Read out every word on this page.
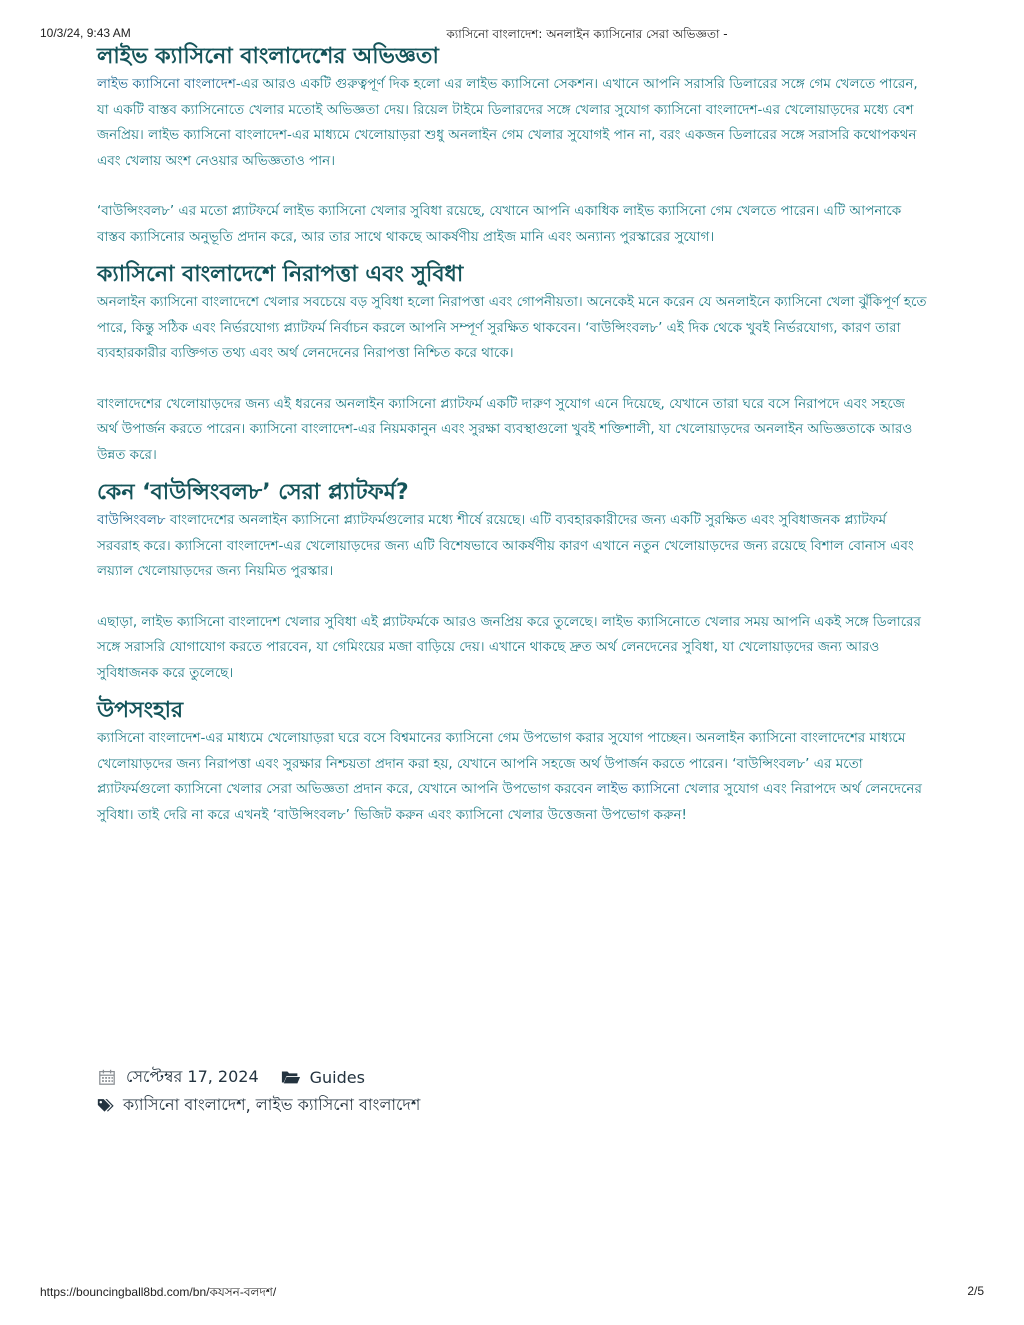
10/3/24, 9:43 AM	ক্যাসিনো বাংলাদেশ: অনলাইন ক্যাসিনোর সেরা অভিজ্ঞতা -
লাইভ ক্যাসিনো বাংলাদেশের অভিজ্ঞতা

লাইভ ক্যাসিনো বাংলাদেশ-এর আরও একটি গুরুত্বপূর্ণ দিক হলো এর লাইভ ক্যাসিনো সেকশন। এখানে আপনি সরাসরি ডিলারের সঙ্গে গেম খেলতে পারেন, যা একটি বাস্তব ক্যাসিনোতে খেলার মতোই অভিজ্ঞতা দেয়। রিয়েল টাইমে ডিলারদের সঙ্গে খেলার সুযোগ ক্যাসিনো বাংলাদেশ-এর খেলোয়াড়দের মধ্যে বেশ জনপ্রিয়। লাইভ ক্যাসিনো বাংলাদেশ-এর মাধ্যমে খেলোয়াড়রা শুধু অনলাইন গেম খেলার সুযোগই পান না, বরং একজন ডিলারের সঙ্গে সরাসরি কথোপকথন এবং খেলায় অংশ নেওয়ার অভিজ্ঞতাও পান।

‘বাউন্সিংবল৮’ এর মতো প্ল্যাটফর্মে লাইভ ক্যাসিনো খেলার সুবিধা রয়েছে, যেখানে আপনি একাধিক লাইভ ক্যাসিনো গেম খেলতে পারেন। এটি আপনাকে বাস্তব ক্যাসিনোর অনুভূতি প্রদান করে, আর তার সাথে থাকছে আকর্ষণীয় প্রাইজ মানি এবং অন্যান্য পুরস্কারের সুযোগ।

ক্যাসিনো বাংলাদেশে নিরাপত্তা এবং সুবিধা

অনলাইন ক্যাসিনো বাংলাদেশে খেলার সবচেয়ে বড় সুবিধা হলো নিরাপত্তা এবং গোপনীয়তা। অনেকেই মনে করেন যে অনলাইনে ক্যাসিনো খেলা ঝুঁকিপূর্ণ হতে পারে, কিন্তু সঠিক এবং নির্ভরযোগ্য প্ল্যাটফর্ম নির্বাচন করলে আপনি সম্পূর্ণ সুরক্ষিত থাকবেন। ‘বাউন্সিংবল৮’ এই দিক থেকে খুবই নির্ভরযোগ্য, কারণ তারা ব্যবহারকারীর ব্যক্তিগত তথ্য এবং অর্থ লেনদেনের নিরাপত্তা নিশ্চিত করে থাকে।

বাংলাদেশের খেলোয়াড়দের জন্য এই ধরনের অনলাইন ক্যাসিনো প্ল্যাটফর্ম একটি দারুণ সুযোগ এনে দিয়েছে, যেখানে তারা ঘরে বসে নিরাপদে এবং সহজে অর্থ উপার্জন করতে পারেন। ক্যাসিনো বাংলাদেশ-এর নিয়মকানুন এবং সুরক্ষা ব্যবস্থাগুলো খুবই শক্তিশালী, যা খেলোয়াড়দের অনলাইন অভিজ্ঞতাকে আরও উন্নত করে।

কেন ‘বাউন্সিংবল৮’ সেরা প্ল্যাটফর্ম?

বাউন্সিংবল৮ বাংলাদেশের অনলাইন ক্যাসিনো প্ল্যাটফর্মগুলোর মধ্যে শীর্ষে রয়েছে। এটি ব্যবহারকারীদের জন্য একটি সুরক্ষিত এবং সুবিধাজনক প্ল্যাটফর্ম সরবরাহ করে। ক্যাসিনো বাংলাদেশ-এর খেলোয়াড়দের জন্য এটি বিশেষভাবে আকর্ষণীয় কারণ এখানে নতুন খেলোয়াড়দের জন্য রয়েছে বিশাল বোনাস এবং লয়্যাল খেলোয়াড়দের জন্য নিয়মিত পুরস্কার।

এছাড়া, লাইভ ক্যাসিনো বাংলাদেশ খেলার সুবিধা এই প্ল্যাটফর্মকে আরও জনপ্রিয় করে তুলেছে। লাইভ ক্যাসিনোতে খেলার সময় আপনি একই সঙ্গে ডিলারের সঙ্গে সরাসরি যোগাযোগ করতে পারবেন, যা গেমিংয়ের মজা বাড়িয়ে দেয়। এখানে থাকছে দ্রুত অর্থ লেনদেনের সুবিধা, যা খেলোয়াড়দের জন্য আরও সুবিধাজনক করে তুলেছে।

উপসংহার

ক্যাসিনো বাংলাদেশ-এর মাধ্যমে খেলোয়াড়রা ঘরে বসে বিশ্বমানের ক্যাসিনো গেম উপভোগ করার সুযোগ পাচ্ছেন। অনলাইন ক্যাসিনো বাংলাদেশের মাধ্যমে খেলোয়াড়দের জন্য নিরাপত্তা এবং সুরক্ষার নিশ্চয়তা প্রদান করা হয়, যেখানে আপনি সহজে অর্থ উপার্জন করতে পারেন। ‘বাউন্সিংবল৮’ এর মতো প্ল্যাটফর্মগুলো ক্যাসিনো খেলার সেরা অভিজ্ঞতা প্রদান করে, যেখানে আপনি উপভোগ করবেন লাইভ ক্যাসিনো খেলার সুযোগ এবং নিরাপদে অর্থ লেনদেনের সুবিধা। তাই দেরি না করে এখনই ‘বাউন্সিংবল৮’ ভিজিট করুন এবং ক্যাসিনো খেলার উত্তেজনা উপভোগ করুন!

সেপ্টেম্বর 17, 2024	Guides
ক্যাসিনো বাংলাদেশ , লাইভ ক্যাসিনো বাংলাদেশ
https://bouncingball8bd.com/bn/কযসন-বলদশ/	2/5
